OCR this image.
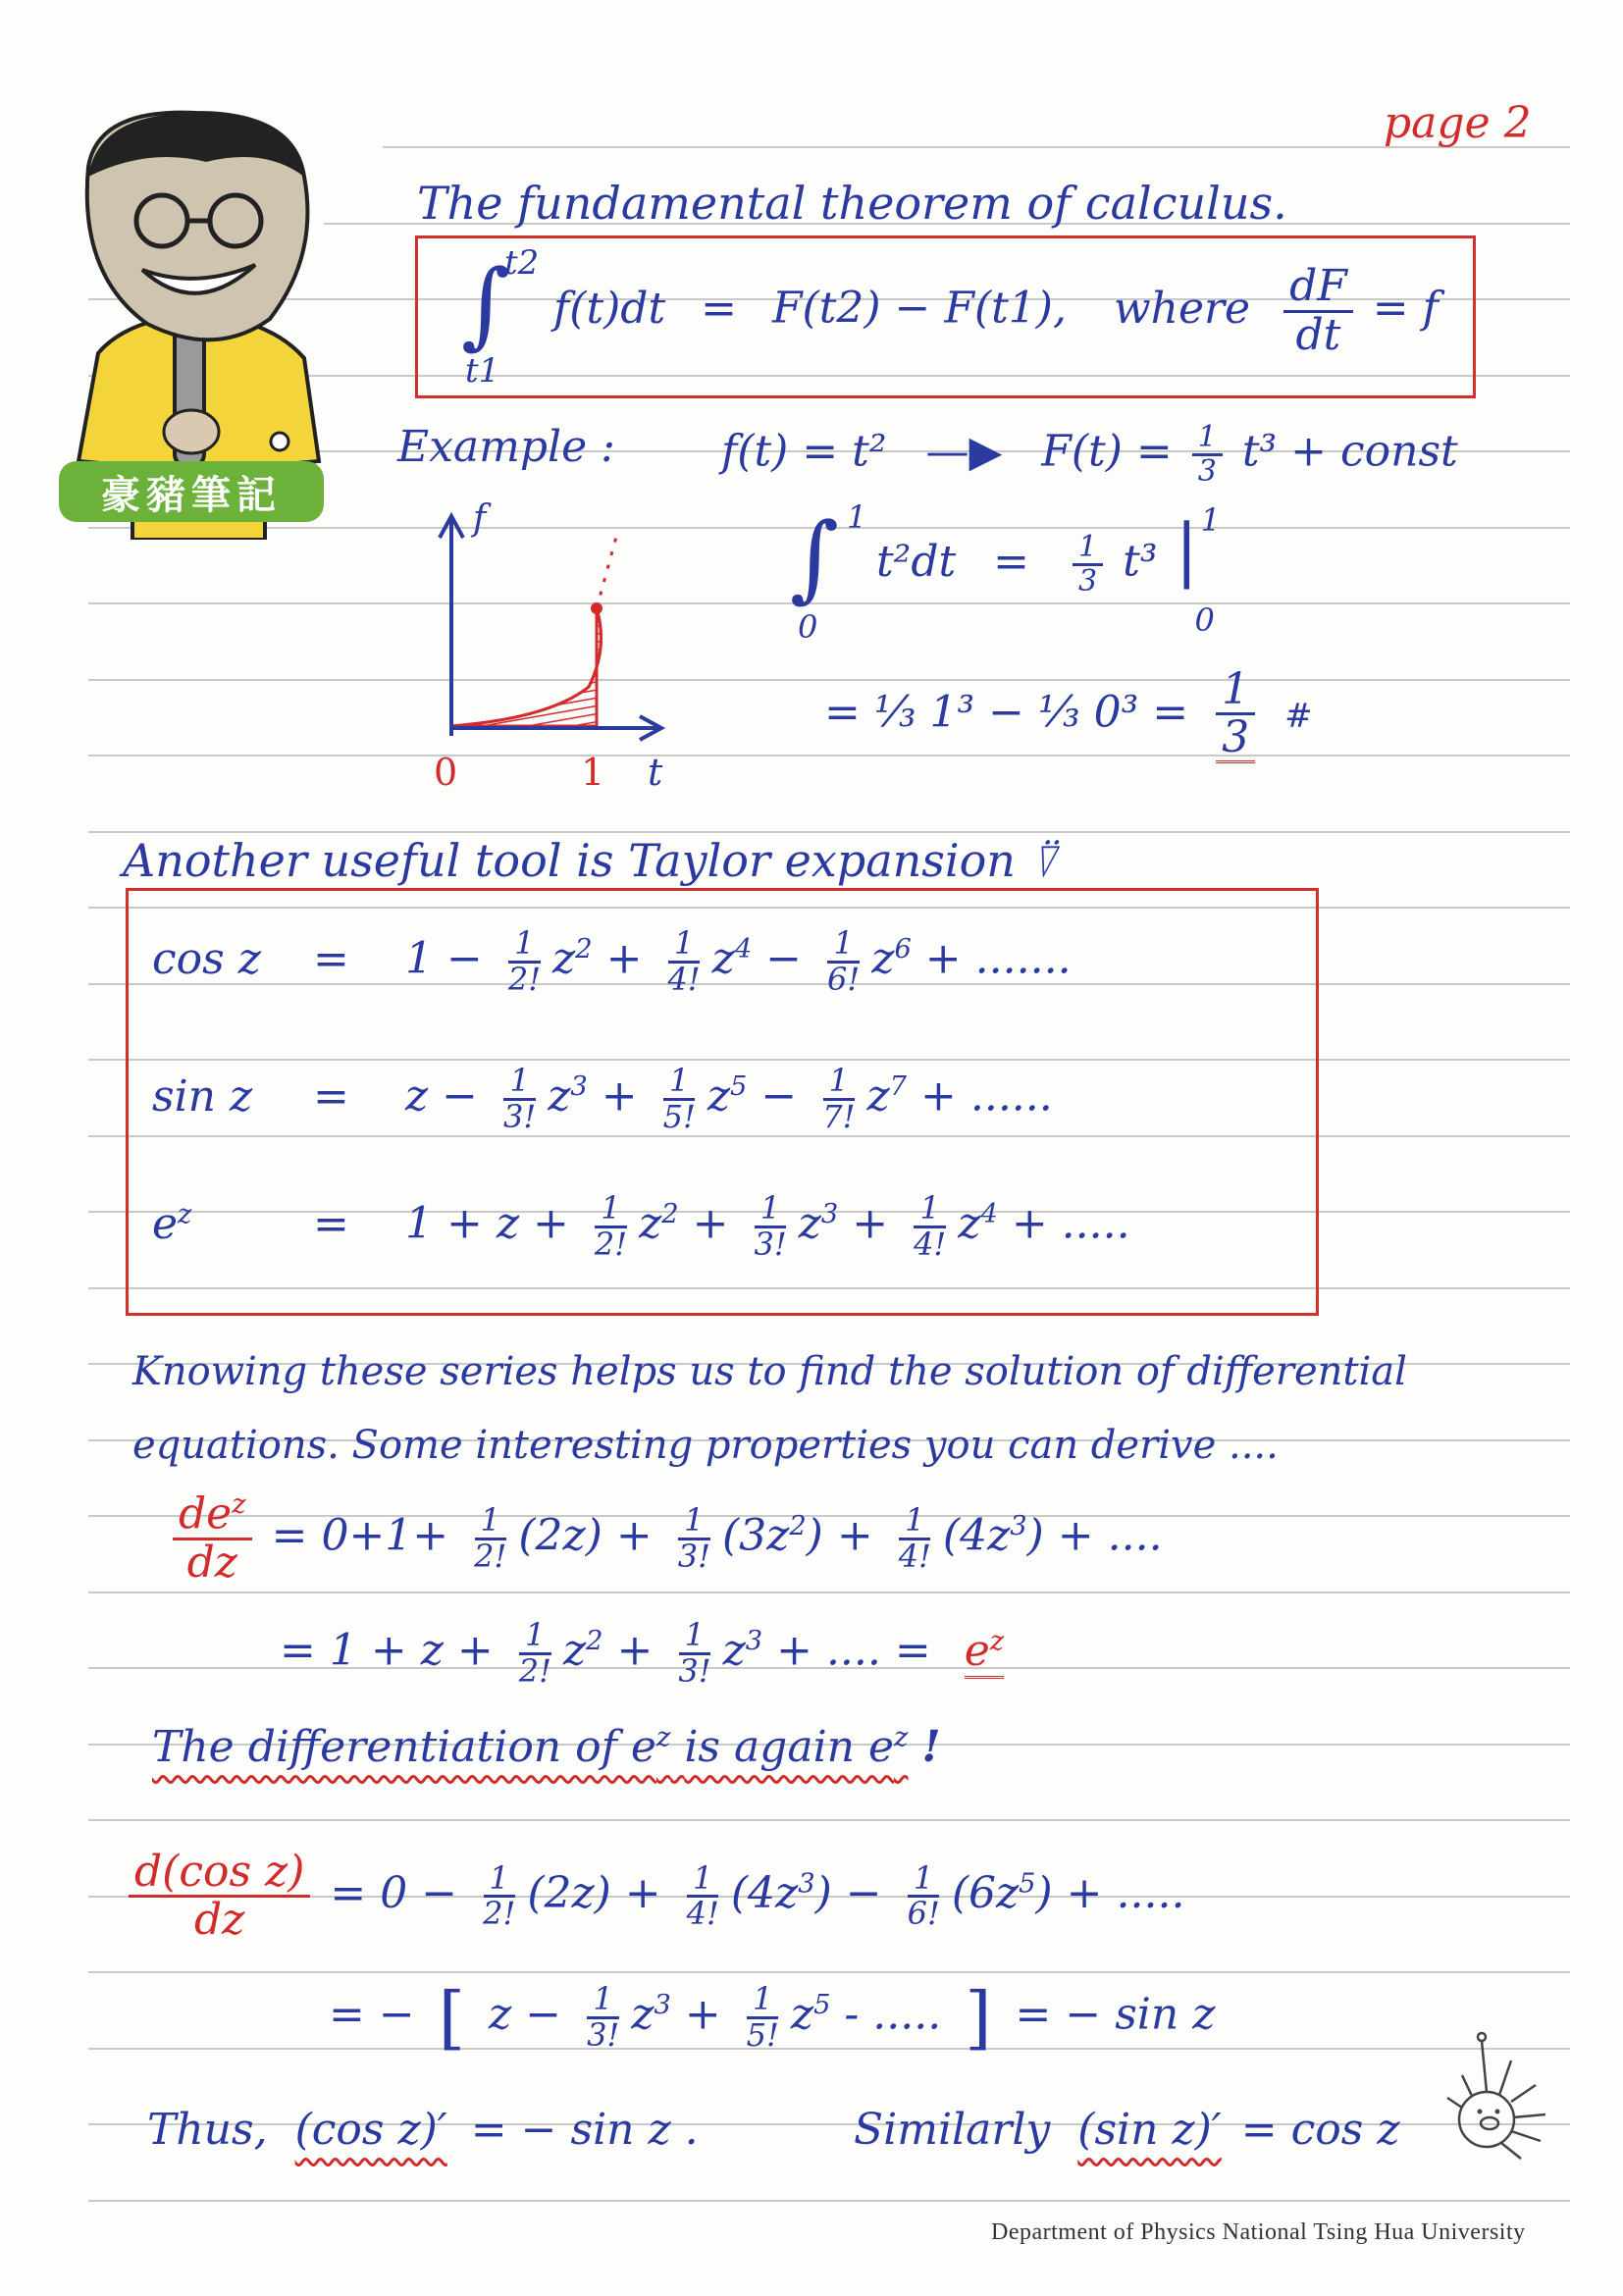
page 2
豪豬筆記
The fundamental theorem of calculus.
∫
t2
t1
f(t)dt = F(t2) − F(t1), where $\frac{dF}{dt} = f$
Example : f(t) = t² —▶ $F(t) = \frac{1}{3} t^3$ + const
∫ 1
0
$t^2dt = \frac{1}{3} t^3$ | 1
0
= ⅓ 1³ − ⅓ $0^3 = \frac{1}{3}$ #
f
0	1 t
Another useful tool is Taylor expansion ⍢
$\cos z = 1 - \frac{1}{2!} z^2 + \frac{1}{4!} z^4 - \frac{1}{6!} z^6$ + .......
$\sin z = z - \frac{1}{3!} z^3 + \frac{1}{5!} z^5 - \frac{1}{7!} z^7$ + ......
$e^z$	= $1 + z + \frac{1}{2!} z^2 + \frac{1}{3!} z^3 + \frac{1}{4!} z^4$ + .....
Knowing these series helps us to find the solution of differential
equations. Some interesting properties you can derive ....
$\frac{de^z}{dz} = 0+1+ \frac{1}{2!} (2z) + \frac{1}{3!} (3z^2) + \frac{1}{4!} (4z^3)$ + ....
= $1 + z + \frac{1}{2!} z^2 + \frac{1}{3!} z^3$ + .... = $e^z$
The differentiation of $e^z$ is again $e^z$ !
$\frac{\text{d(cos z)}}{dz} = 0 - \frac{1}{2!} (2z) + \frac{1}{4!} (4z^3) - \frac{1}{6!} (6z^5)$ + .....
= − [ $z - \frac{1}{3!} z^3 + \frac{1}{5!} z^5$ - ..... ] = − sin z
Thus, (cos z)′ = − sin z .	Similarly (sin z)′ = cos z
Department of Physics National Tsing Hua University
